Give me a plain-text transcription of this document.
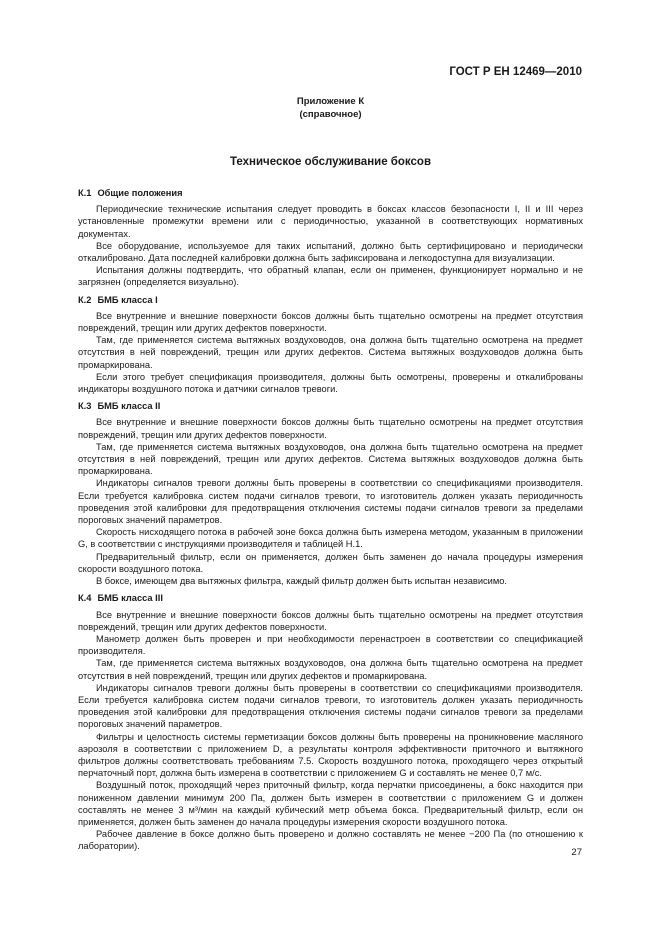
ГОСТ Р ЕН 12469—2010
Приложение К
(справочное)
Техническое обслуживание боксов
К.1 Общие положения

Периодические технические испытания следует проводить в боксах классов безопасности I, II и III через установленные промежутки времени или с периодичностью, указанной в соответствующих нормативных документах.

Все оборудование, используемое для таких испытаний, должно быть сертифицировано и периодически откалибровано. Дата последней калибровки должна быть зафиксирована и легкодоступна для визуализации.

Испытания должны подтвердить, что обратный клапан, если он применен, функционирует нормально и не загрязнен (определяется визуально).

К.2 БМБ класса I

Все внутренние и внешние поверхности боксов должны быть тщательно осмотрены на предмет отсутствия повреждений, трещин или других дефектов поверхности.

Там, где применяется система вытяжных воздуховодов, она должна быть тщательно осмотрена на предмет отсутствия в ней повреждений, трещин или других дефектов. Система вытяжных воздуховодов должна быть промаркирована.

Если этого требует спецификация производителя, должны быть осмотрены, проверены и откалиброваны индикаторы воздушного потока и датчики сигналов тревоги.

К.3 БМБ класса II

Все внутренние и внешние поверхности боксов должны быть тщательно осмотрены на предмет отсутствия повреждений, трещин или других дефектов поверхности.

Там, где применяется система вытяжных воздуховодов, она должна быть тщательно осмотрена на предмет отсутствия в ней повреждений, трещин или других дефектов. Система вытяжных воздуховодов должна быть промаркирована.

Индикаторы сигналов тревоги должны быть проверены в соответствии со спецификациями производителя. Если требуется калибровка систем подачи сигналов тревоги, то изготовитель должен указать периодичность проведения этой калибровки для предотвращения отключения системы подачи сигналов тревоги за пределами пороговых значений параметров.

Скорость нисходящего потока в рабочей зоне бокса должна быть измерена методом, указанным в приложении G, в соответствии с инструкциями производителя и таблицей Н.1.

Предварительный фильтр, если он применяется, должен быть заменен до начала процедуры измерения скорости воздушного потока.

В боксе, имеющем два вытяжных фильтра, каждый фильтр должен быть испытан независимо.

К.4 БМБ класса III

Все внутренние и внешние поверхности боксов должны быть тщательно осмотрены на предмет отсутствия повреждений, трещин или других дефектов поверхности.

Манометр должен быть проверен и при необходимости перенастроен в соответствии со спецификацией производителя.

Там, где применяется система вытяжных воздуховодов, она должна быть тщательно осмотрена на предмет отсутствия в ней повреждений, трещин или других дефектов и промаркирована.

Индикаторы сигналов тревоги должны быть проверены в соответствии со спецификациями производителя. Если требуется калибровка систем подачи сигналов тревоги, то изготовитель должен указать периодичность проведения этой калибровки для предотвращения отключения системы подачи сигналов тревоги за пределами пороговых значений параметров.

Фильтры и целостность системы герметизации боксов должны быть проверены на проникновение масляного аэрозоля в соответствии с приложением D, а результаты контроля эффективности приточного и вытяжного фильтров должны соответствовать требованиям 7.5. Скорость воздушного потока, проходящего через открытый перчаточный порт, должна быть измерена в соответствии с приложением G и составлять не менее 0,7 м/с.

Воздушный поток, проходящий через приточный фильтр, когда перчатки присоединены, а бокс находится при пониженном давлении минимум 200 Па, должен быть измерен в соответствии с приложением G и должен составлять не менее 3 м³/мин на каждый кубический метр объема бокса. Предварительный фильтр, если он применяется, должен быть заменен до начала процедуры измерения скорости воздушного потока.

Рабочее давление в боксе должно быть проверено и должно составлять не менее −200 Па (по отношению к лаборатории).

27
